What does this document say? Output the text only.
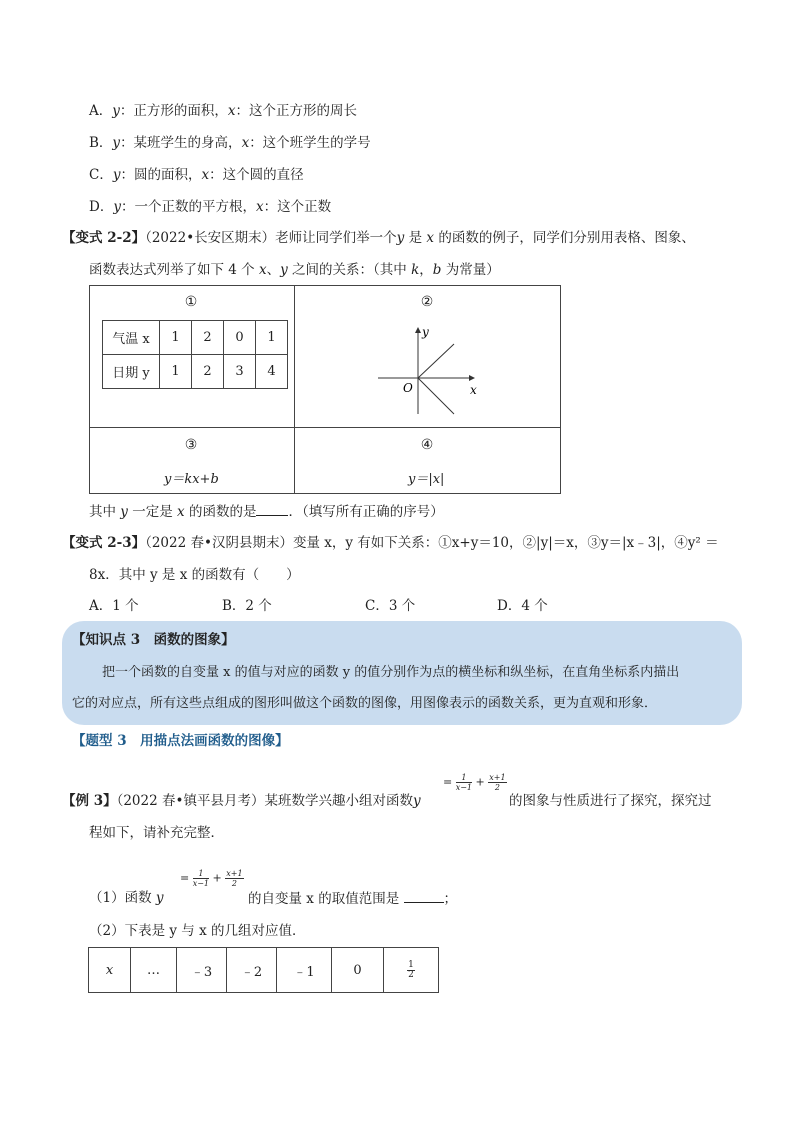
A．y：正方形的面积，x：这个正方形的周长
B．y：某班学生的身高，x：这个班学生的学号
C．y：圆的面积，x：这个圆的直径
D．y：一个正数的平方根，x：这个正数
【变式 2-2】（2022•长安区期末）老师让同学们举一个y 是 x 的函数的例子，同学们分别用表格、图象、
函数表达式列举了如下 4 个 x、y 之间的关系：（其中 k，b 为常量）
①	②
③	④
气温 x	1	2	0	1
日期 y	1	2	3	4
x
y
O
y＝kx+b	y＝|x|
其中 y 一定是 x 的函数的是 ．（填写所有正确的序号）
【变式 2-3】（2022 春•汉阴县期末）变量 x，y 有如下关系：①x+y＝10，②|y|＝x，③y＝|x﹣3|，④y² ＝
8x．其中 y 是 x 的函数有（　　）
A．1 个	B．2 个	C．3 个	D．4 个
【知识点 3　函数的图象】
把一个函数的自变量 x 的值与对应的函数 y 的值分别作为点的横坐标和纵坐标，在直角坐标系内描出
它的对应点，所有这些点组成的图形叫做这个函数的图像，用图像表示的函数关系，更为直观和形象．
【题型 3　用描点法画函数的图像】
【例 3】（2022 春•镇平县月考）某班数学兴趣小组对函数y
= $\frac{1}{x-1} + \frac{x+1}{2}$
的图象与性质进行了探究，探究过
程如下，请补充完整．
（1）函数 y
= $\frac{1}{x-1} + \frac{x+1}{2}$
的自变量 x 的取值范围是	；
（2）下表是 y 与 x 的几组对应值．
x	…	﹣3	﹣2	﹣1	0	$\frac{1}{2}$
